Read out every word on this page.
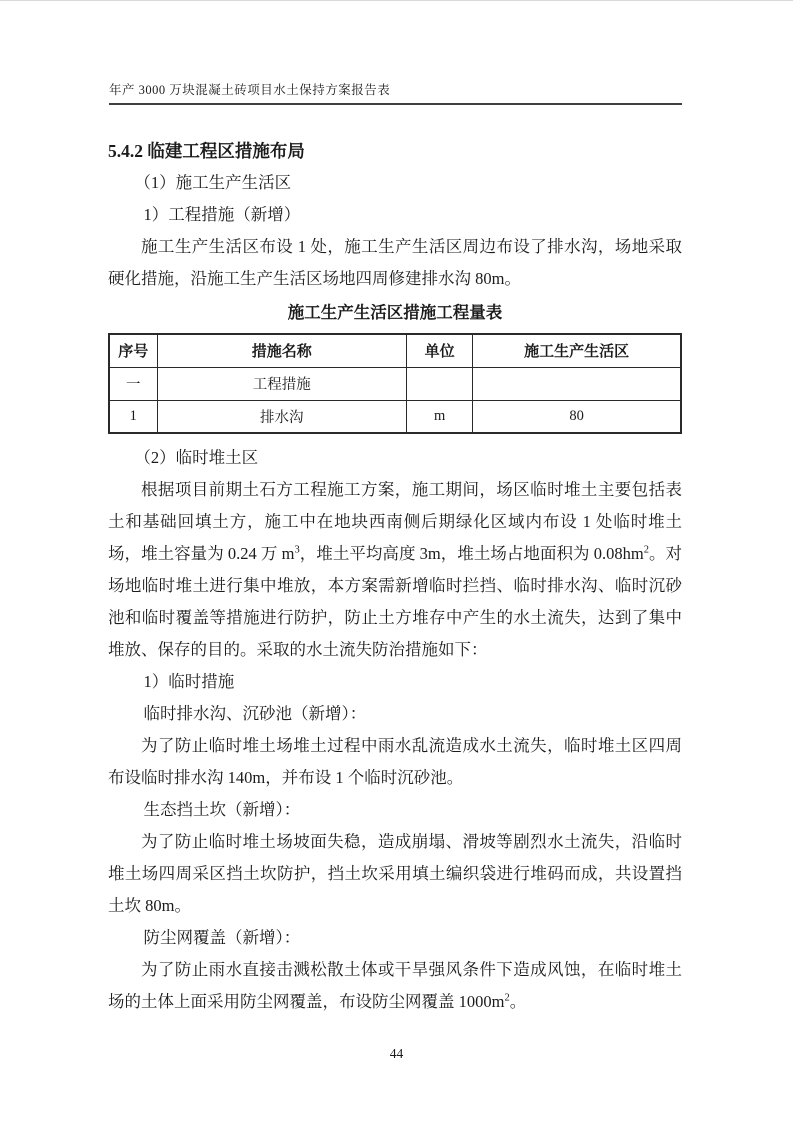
年产 3000 万块混凝土砖项目水土保持方案报告表
5.4.2 临建工程区措施布局

（1）施工生产生活区

1）工程措施（新增）

施工生产生活区布设 1 处，施工生产生活区周边布设了排水沟，场地采取硬化措施，沿施工生产生活区场地四周修建排水沟 80m。

施工生产生活区措施工程量表
序号	措施名称	单位	施工生产生活区
一	工程措施		
1	排水沟	m	80

（2）临时堆土区

根据项目前期土石方工程施工方案，施工期间，场区临时堆土主要包括表土和基础回填土方，施工中在地块西南侧后期绿化区域内布设 1 处临时堆土场，堆土容量为 0.24 万 $m^3$，堆土平均高度 3m，堆土场占地面积为 $0.08hm^2$。对场地临时堆土进行集中堆放，本方案需新增临时拦挡、临时排水沟、临时沉砂池和临时覆盖等措施进行防护，防止土方堆存中产生的水土流失，达到了集中堆放、保存的目的。采取的水土流失防治措施如下：

1）临时措施

临时排水沟、沉砂池（新增）：

为了防止临时堆土场堆土过程中雨水乱流造成水土流失，临时堆土区四周布设临时排水沟 140m，并布设 1 个临时沉砂池。

生态挡土坎（新增）：

为了防止临时堆土场坡面失稳，造成崩塌、滑坡等剧烈水土流失，沿临时堆土场四周采区挡土坎防护，挡土坎采用填土编织袋进行堆码而成，共设置挡土坎 80m。

防尘网覆盖（新增）：

为了防止雨水直接击溅松散土体或干旱强风条件下造成风蚀，在临时堆土场的土体上面采用防尘网覆盖，布设防尘网覆盖 $1000m^2$。

44
